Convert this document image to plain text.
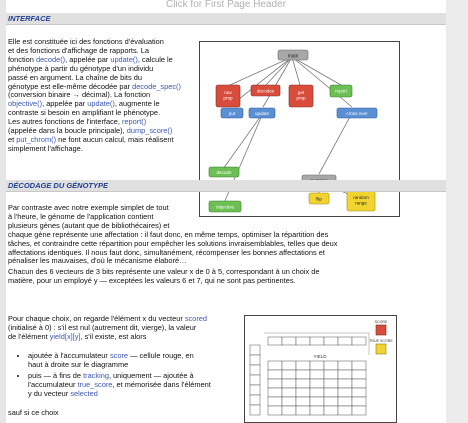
Click for First Page Header
INTERFACE
Elle est constituée ici des fonctions d'évaluation
et des fonctions d'affichage de rapports. La
fonction decode(), appelée par update(), calcule le
phénotype à partir du génotype d'un individu
passé en argument. La chaîne de bits du
génotype est elle-même décodée par decode_spec()
(conversion binaire → décimal). La fonction
objective(), appelée par update(), augmente le
contraste si besoin en amplifiant le phénotype.
Les autres fonctions de l'interface, report()
(appelée dans la boucle principale), dump_score()
et put_chrom() ne font aucun calcul, mais réalisent
simplement l'affichage.
main
raw prop
decodes	get prop
report
put	update	cross over
decode
flip	random range
objective
DÉCODAGE DU GÉNOTYPE
Par contraste avec notre exemple simplet de tout
à l'heure, le génome de l'application contient
plusieurs gènes (autant que de bibliothécaires) et
chaque gène représente une affectation : il faut donc, en même temps, optimiser la répartition des
tâches, et contraindre cette répartition pour empêcher les solutions invraisemblables, telles que deux
affectations identiques. Il nous faut donc, simultanément, récompenser les bonnes affectations et
pénaliser les mauvaises, d'où le mécanisme élaboré…
Chacun des 6 vecteurs de 3 bits représente une valeur x de 0 à 5, correspondant à un choix de
matière, pour un employé y — exceptées les valeurs 6 et 7, qui ne sont pas pertinentes.
Pour chaque choix, on regarde l'élément x du vecteur scored
(initialisé à 0) : s'il est nul (autrement dit, vierge), la valeur
de l'élément yield[x][y], s'il existe, est alors
• ajoutée à l'accumulateur score — cellule rouge, en
haut à droite sur le diagramme
• puis — à fins de tracking, uniquement — ajoutée à
l'accumulateur true_score, et mémorisée dans l'élément
y du vecteur selected
sauf si ce choix
YIELD
SCORE
TRUE SCORE
